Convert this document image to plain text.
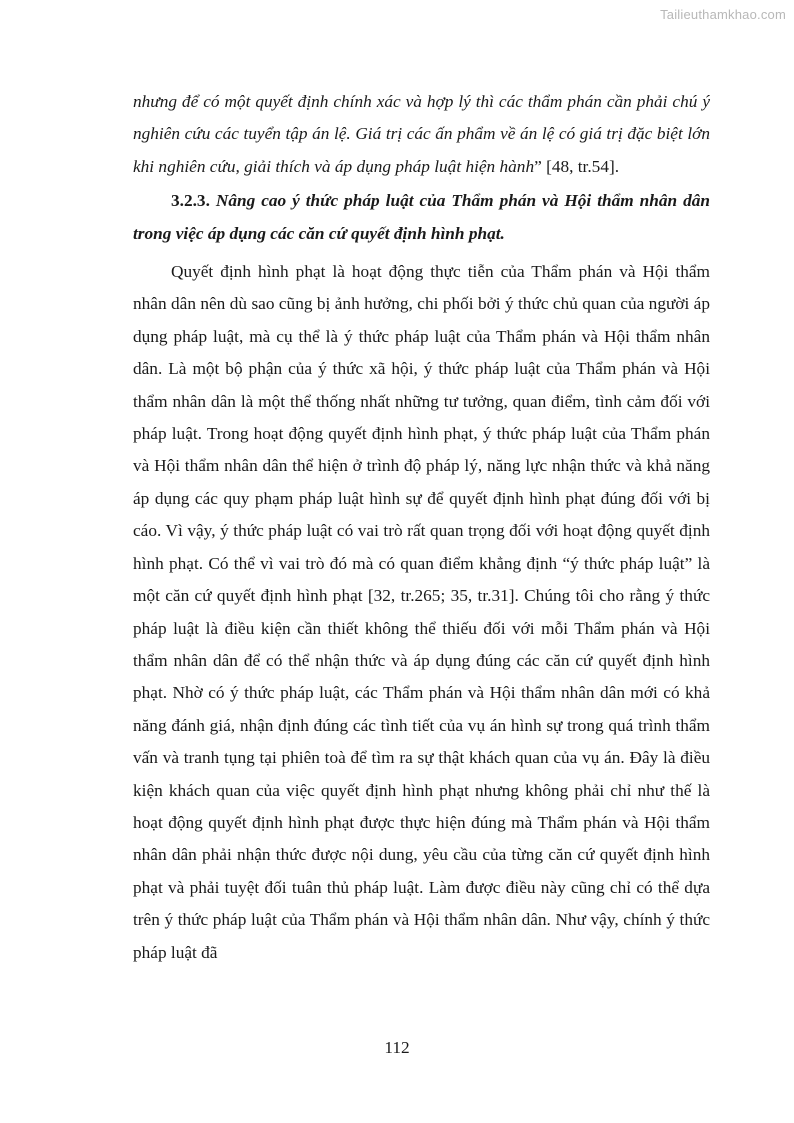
Tailieuthamkhao.com

nhưng để có một quyết định chính xác và hợp lý thì các thẩm phán cần phải chú ý nghiên cứu các tuyển tập án lệ. Giá trị các ấn phẩm về án lệ có giá trị đặc biệt lớn khi nghiên cứu, giải thích và áp dụng pháp luật hiện hành” [48, tr.54].

3.2.3. Nâng cao ý thức pháp luật của Thẩm phán và Hội thẩm nhân dân trong việc áp dụng các căn cứ quyết định hình phạt.

Quyết định hình phạt là hoạt động thực tiễn của Thẩm phán và Hội thẩm nhân dân nên dù sao cũng bị ảnh hưởng, chi phối bởi ý thức chủ quan của người áp dụng pháp luật, mà cụ thể là ý thức pháp luật của Thẩm phán và Hội thẩm nhân dân. Là một bộ phận của ý thức xã hội, ý thức pháp luật của Thẩm phán và Hội thẩm nhân dân là một thể thống nhất những tư tưởng, quan điểm, tình cảm đối với pháp luật. Trong hoạt động quyết định hình phạt, ý thức pháp luật của Thẩm phán và Hội thẩm nhân dân thể hiện ở trình độ pháp lý, năng lực nhận thức và khả năng áp dụng các quy phạm pháp luật hình sự để quyết định hình phạt đúng đối với bị cáo. Vì vậy, ý thức pháp luật có vai trò rất quan trọng đối với hoạt động quyết định hình phạt. Có thể vì vai trò đó mà có quan điểm khẳng định “ý thức pháp luật” là một căn cứ quyết định hình phạt [32, tr.265; 35, tr.31]. Chúng tôi cho rằng ý thức pháp luật là điều kiện cần thiết không thể thiếu đối với mỗi Thẩm phán và Hội thẩm nhân dân để có thể nhận thức và áp dụng đúng các căn cứ quyết định hình phạt. Nhờ có ý thức pháp luật, các Thẩm phán và Hội thẩm nhân dân mới có khả năng đánh giá, nhận định đúng các tình tiết của vụ án hình sự trong quá trình thẩm vấn và tranh tụng tại phiên toà để tìm ra sự thật khách quan của vụ án. Đây là điều kiện khách quan của việc quyết định hình phạt nhưng không phải chỉ như thế là hoạt động quyết định hình phạt được thực hiện đúng mà Thẩm phán và Hội thẩm nhân dân phải nhận thức được nội dung, yêu cầu của từng căn cứ quyết định hình phạt và phải tuyệt đối tuân thủ pháp luật. Làm được điều này cũng chỉ có thể dựa trên ý thức pháp luật của Thẩm phán và Hội thẩm nhân dân. Như vậy, chính ý thức pháp luật đã

112
